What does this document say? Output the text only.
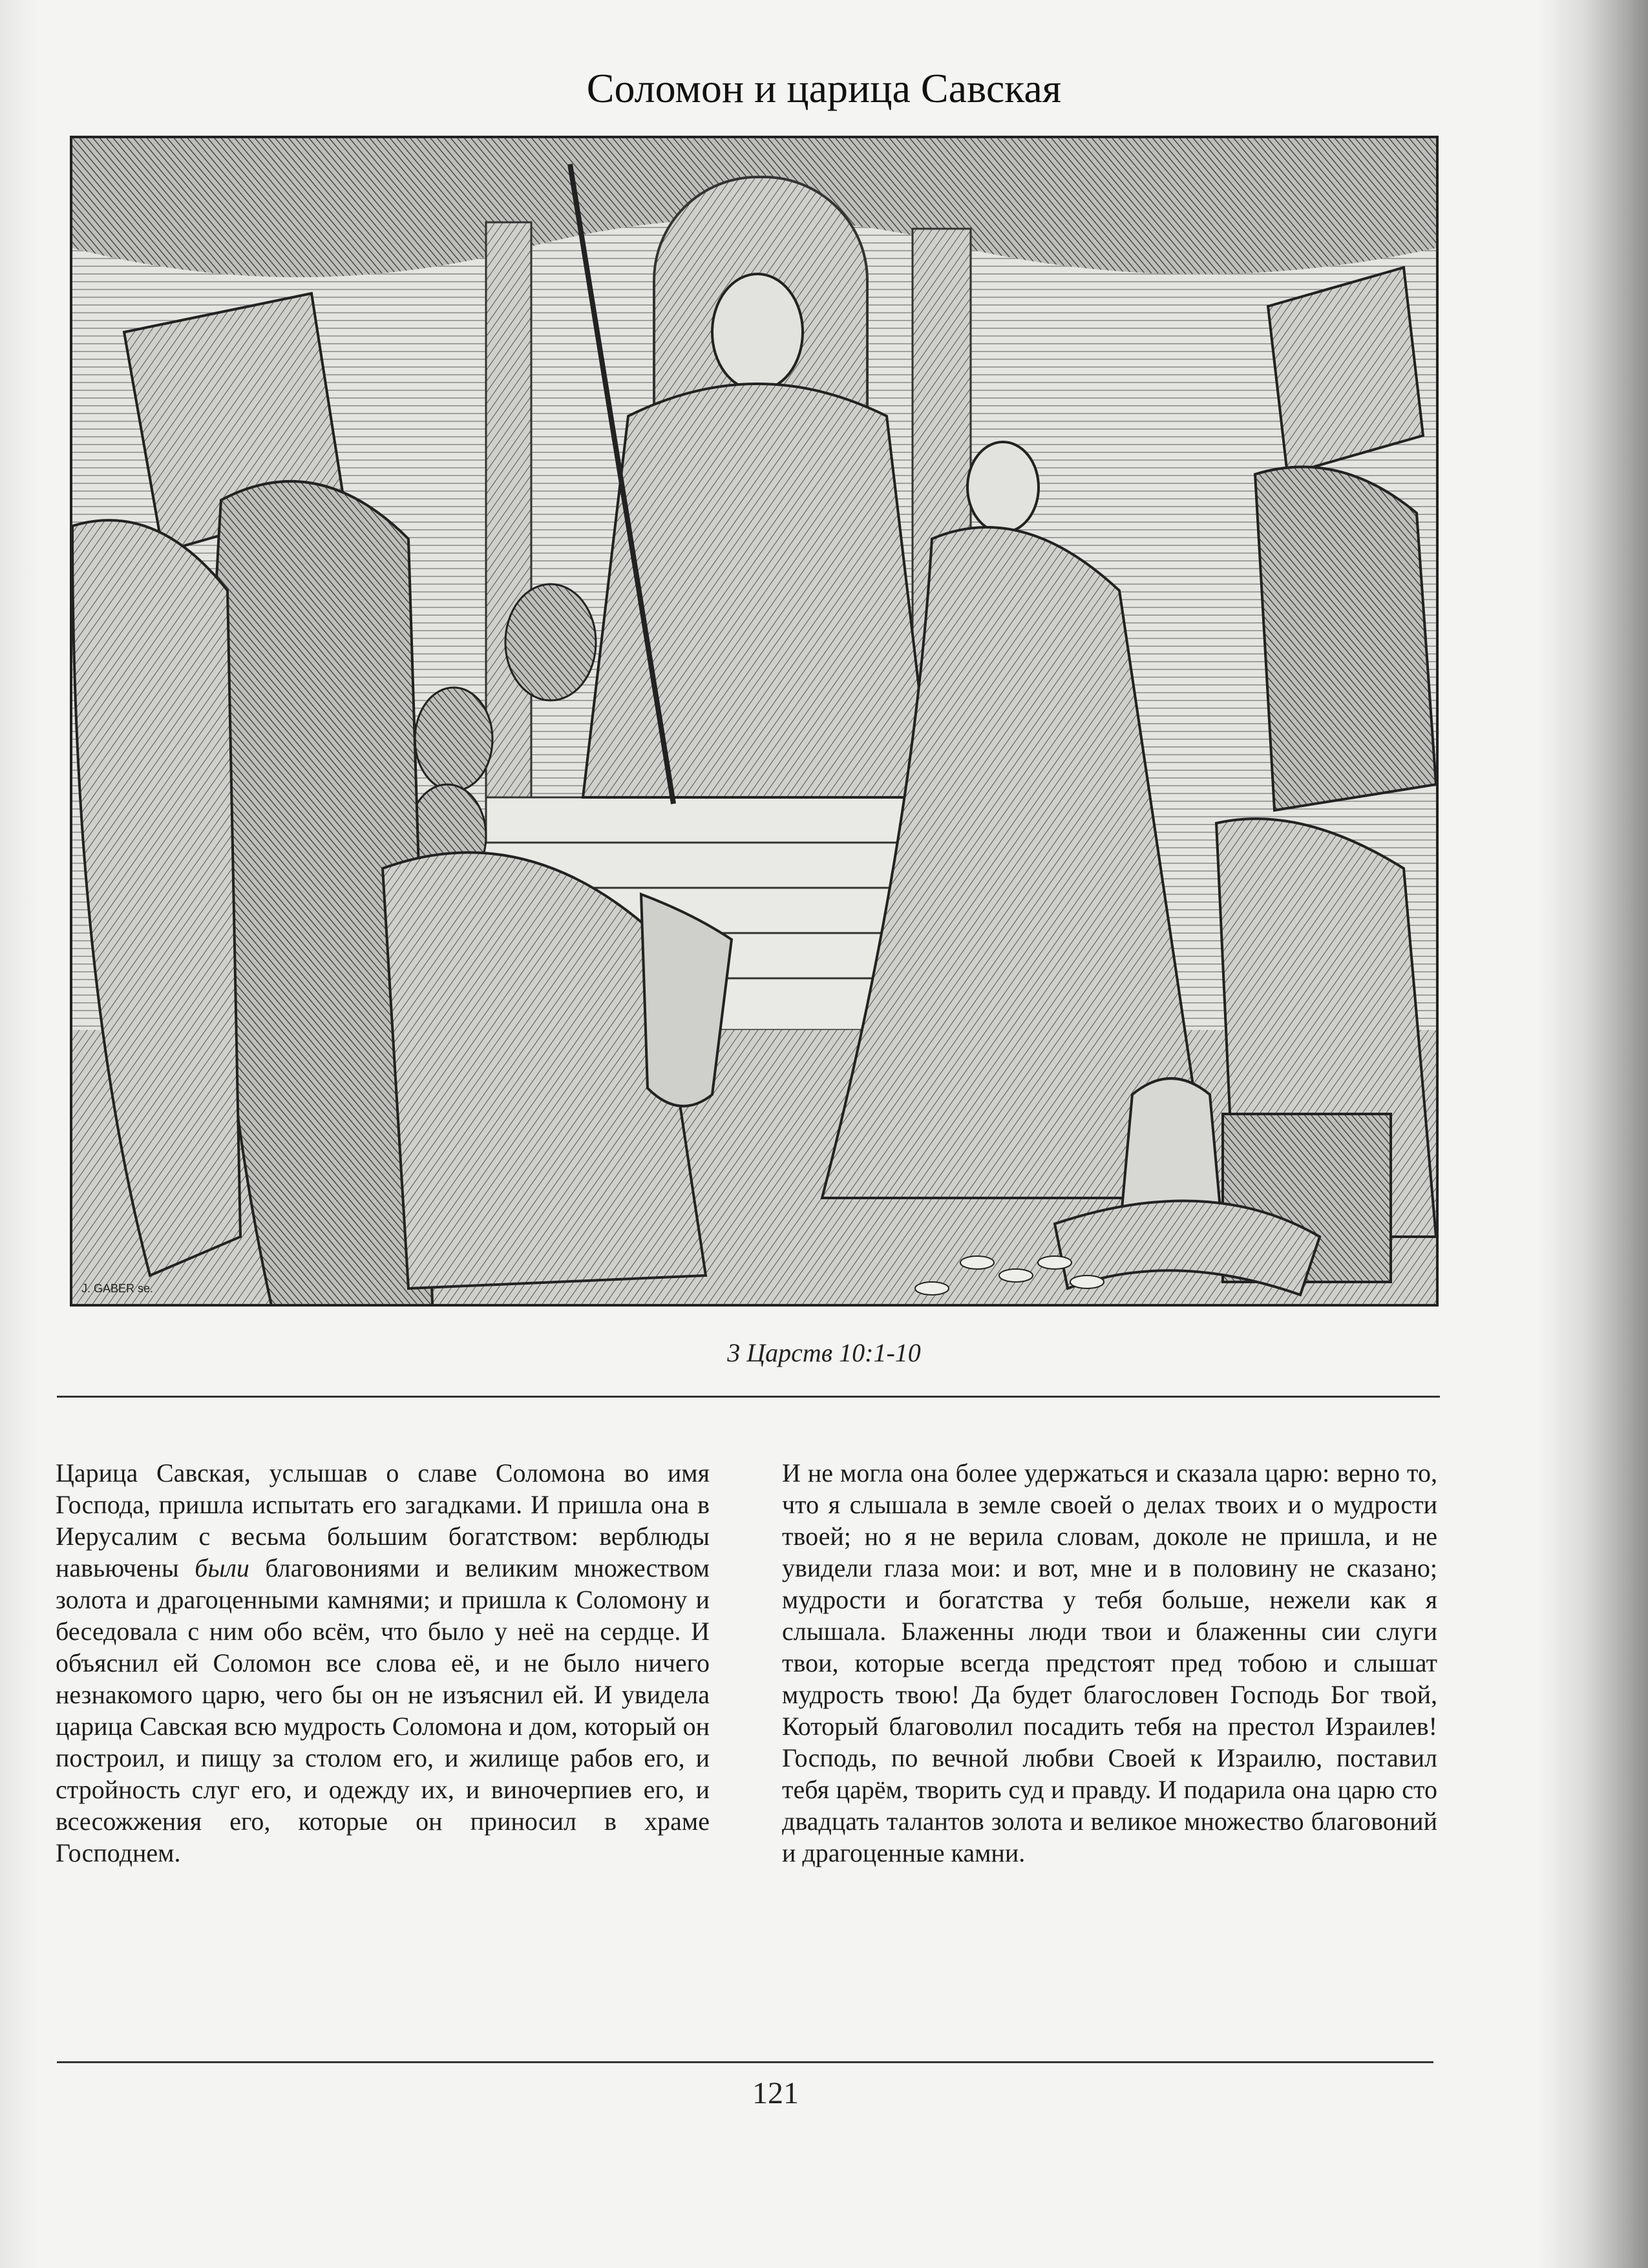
Соломон и царица Савская
J. GABER se.
3 Царств 10:1-10

Царица Савская, услышав о славе Соломона во имя Господа, пришла испытать его загадками. И пришла она в Иерусалим с весьма большим богатством: верблюды навьючены были благовониями и великим множеством золота и драгоценными камнями; и пришла к Соломону и беседовала с ним обо всём, что было у неё на сердце. И объяснил ей Соломон все слова её, и не было ничего незнакомого царю, чего бы он не изъяснил ей. И увидела царица Савская всю мудрость Соломона и дом, который он построил, и пищу за столом его, и жилище рабов его, и стройность слуг его, и одежду их, и виночерпиев его, и всесожжения его, которые он приносил в храме Господнем.

И не могла она более удержаться и сказала царю: верно то, что я слышала в земле своей о делах твоих и о мудрости твоей; но я не верила словам, доколе не пришла, и не увидели глаза мои: и вот, мне и в половину не сказано; мудрости и богатства у тебя больше, нежели как я слышала. Блаженны люди твои и блаженны сии слуги твои, которые всегда предстоят пред тобою и слышат мудрость твою! Да будет благословен Господь Бог твой, Который благоволил посадить тебя на престол Израилев! Господь, по вечной любви Своей к Израилю, поставил тебя царём, творить суд и правду. И подарила она царю сто двадцать талантов золота и великое множество благовоний и драгоценные камни.

121
